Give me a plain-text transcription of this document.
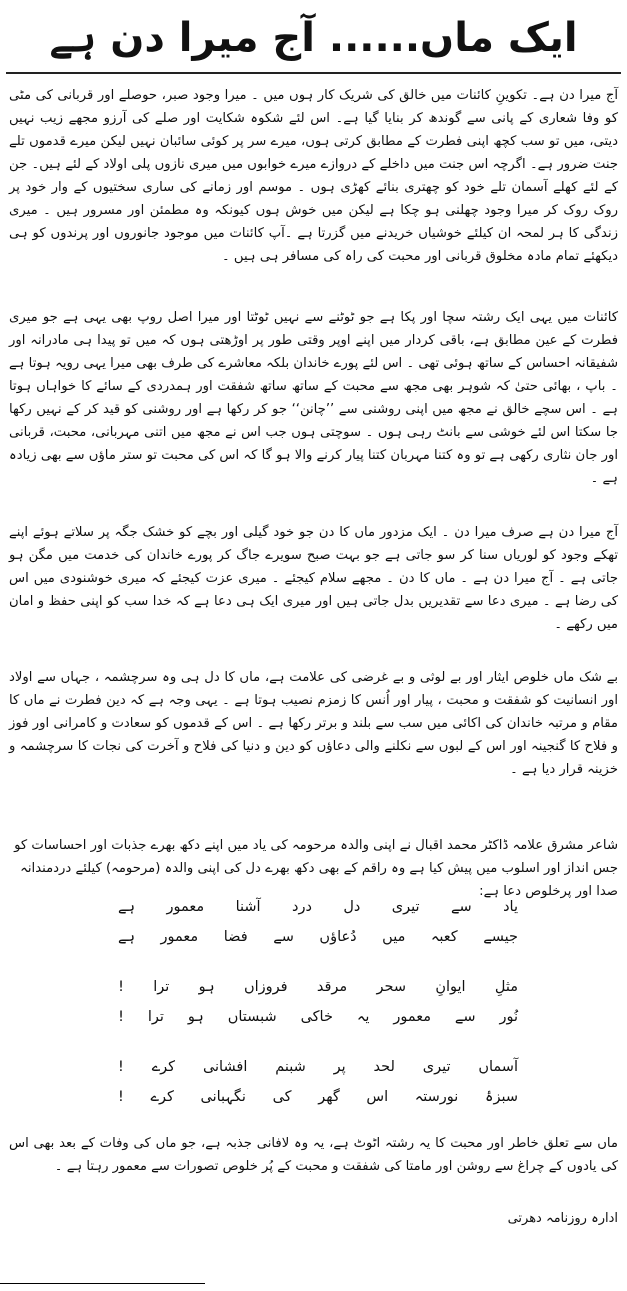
ایک ماں...... آج میرا دن ہے

آج میرا دن ہے۔ تکوینِ کائنات میں خالق کی شریک کار ہوں میں ۔ میرا وجود صبر، حوصلے اور قربانی کی مٹی کو وفا شعاری کے پانی سے گوندھ کر بنایا گیا ہے۔ اس لئے شکوہ شکایت اور صلے کی آرزو مجھے زیب نہیں دیتی، میں تو سب کچھ اپنی فطرت کے مطابق کرتی ہوں، میرے سر پر کوئی سائبان نہیں لیکن میرے قدموں تلے جنت ضرور ہے۔ اگرچہ اس جنت میں داخلے کے دروازے میرے خوابوں میں میری نازوں پلی اولاد کے لئے ہیں۔ جن کے لئے کھلے آسمان تلے خود کو چھتری بنائے کھڑی ہوں ۔ موسم اور زمانے کی ساری سختیوں کے وار خود پر روک روک کر میرا وجود چھلنی ہو چکا ہے لیکن میں خوش ہوں کیونکہ وہ مطمئن اور مسرور ہیں ۔ میری زندگی کا ہر لمحہ ان کیلئے خوشیاں خریدنے میں گزرتا ہے ۔آپ کائنات میں موجود جانوروں اور پرندوں کو ہی دیکھئے تمام مادہ مخلوق قربانی اور محبت کی راہ کی مسافر ہی ہیں ۔

کائنات میں یہی ایک رشتہ سچا اور پکا ہے جو ٹوٹنے سے نہیں ٹوٹتا اور میرا اصل روپ بھی یہی ہے جو میری فطرت کے عین مطابق ہے، باقی کردار میں اپنے اوپر وقتی طور پر اوڑھتی ہوں کہ میں تو پیدا ہی مادرانہ اور شفیقانہ احساس کے ساتھ ہوئی تھی ۔ اس لئے پورے خاندان بلکہ معاشرے کی طرف بھی میرا یہی رویہ ہوتا ہے ۔ باپ ، بھائی حتیٰ کہ شوہر بھی مجھ سے محبت کے ساتھ ساتھ شفقت اور ہمدردی کے سائے کا خواہاں ہوتا ہے ۔ اس سچے خالق نے مجھ میں اپنی روشنی سے ’’چانن‘‘ جو کر رکھا ہے اور روشنی کو قید کر کے نہیں رکھا جا سکتا اس لئے خوشی سے بانٹ رہی ہوں ۔ سوچتی ہوں جب اس نے مجھ میں اتنی مہربانی، محبت، قربانی اور جان نثاری رکھی ہے تو وہ کتنا مہربان کتنا پیار کرنے والا ہو گا کہ اس کی محبت تو ستر ماؤں سے بھی زیادہ ہے ۔

آج میرا دن ہے صرف میرا دن ۔ ایک مزدور ماں کا دن جو خود گیلی اور بچے کو خشک جگہ پر سلاتے ہوئے اپنے تھکے وجود کو لوریاں سنا کر سو جاتی ہے جو بہت صبح سویرے جاگ کر پورے خاندان کی خدمت میں مگن ہو جاتی ہے ۔ آج میرا دن ہے ۔ ماں کا دن ۔ مجھے سلام کیجئے ۔ میری عزت کیجئے کہ میری خوشنودی میں اس کی رضا ہے ۔ میری دعا سے تقدیریں بدل جاتی ہیں اور میری ایک ہی دعا ہے کہ خدا سب کو اپنی حفظ و امان میں رکھے ۔

بے شک ماں خلوص ایثار اور بے لوثی و بے غرضی کی علامت ہے، ماں کا دل ہی وہ سرچشمہ ، جہاں سے اولاد اور انسانیت کو شفقت و محبت ، پیار اور اُنس کا زمزم نصیب ہوتا ہے ۔ یہی وجہ ہے کہ دین فطرت نے ماں کا مقام و مرتبہ خاندان کی اکائی میں سب سے بلند و برتر رکھا ہے ۔ اس کے قدموں کو سعادت و کامرانی اور فوز و فلاح کا گنجینہ اور اس کے لبوں سے نکلنے والی دعاؤں کو دین و دنیا کی فلاح و آخرت کی نجات کا سرچشمہ و خزینہ قرار دیا ہے ۔

شاعر مشرق علامہ ڈاکٹر محمد اقبال نے اپنی والدہ مرحومہ کی یاد میں اپنے دکھ بھرے جذبات اور احساسات کو جس انداز اور اسلوب میں پیش کیا ہے وہ راقم کے بھی دکھ بھرے دل کی اپنی والدہ (مرحومہ) کیلئے دردمندانہ صدا اور پرخلوص دعا ہے:

یاد
سے
تیری
دل
درد
آشنا
معمور
ہے
جیسے
کعبہ
میں
دُعاؤں
سے
فضا
معمور
ہے
مثلِ
ایوانِ
سحر
مرقد
فروزاں
ہو
ترا
!
نُور
سے
معمور
یہ
خاکی
شبستاں
ہو
ترا
!
آسماں
تیری
لحد
پر
شبنم
افشانی
کرے
!
سبزۂ
نورستہ
اس
گھر
کی
نگہبانی
کرے
!

ماں سے تعلق خاطر اور محبت کا یہ رشتہ اٹوٹ ہے، یہ وہ لافانی جذبہ ہے، جو ماں کی وفات کے بعد بھی اس کی یادوں کے چراغ سے روشن اور مامتا کی شفقت و محبت کے پُر خلوص تصورات سے معمور رہتا ہے ۔

ادارہ روزنامہ دھرتی
